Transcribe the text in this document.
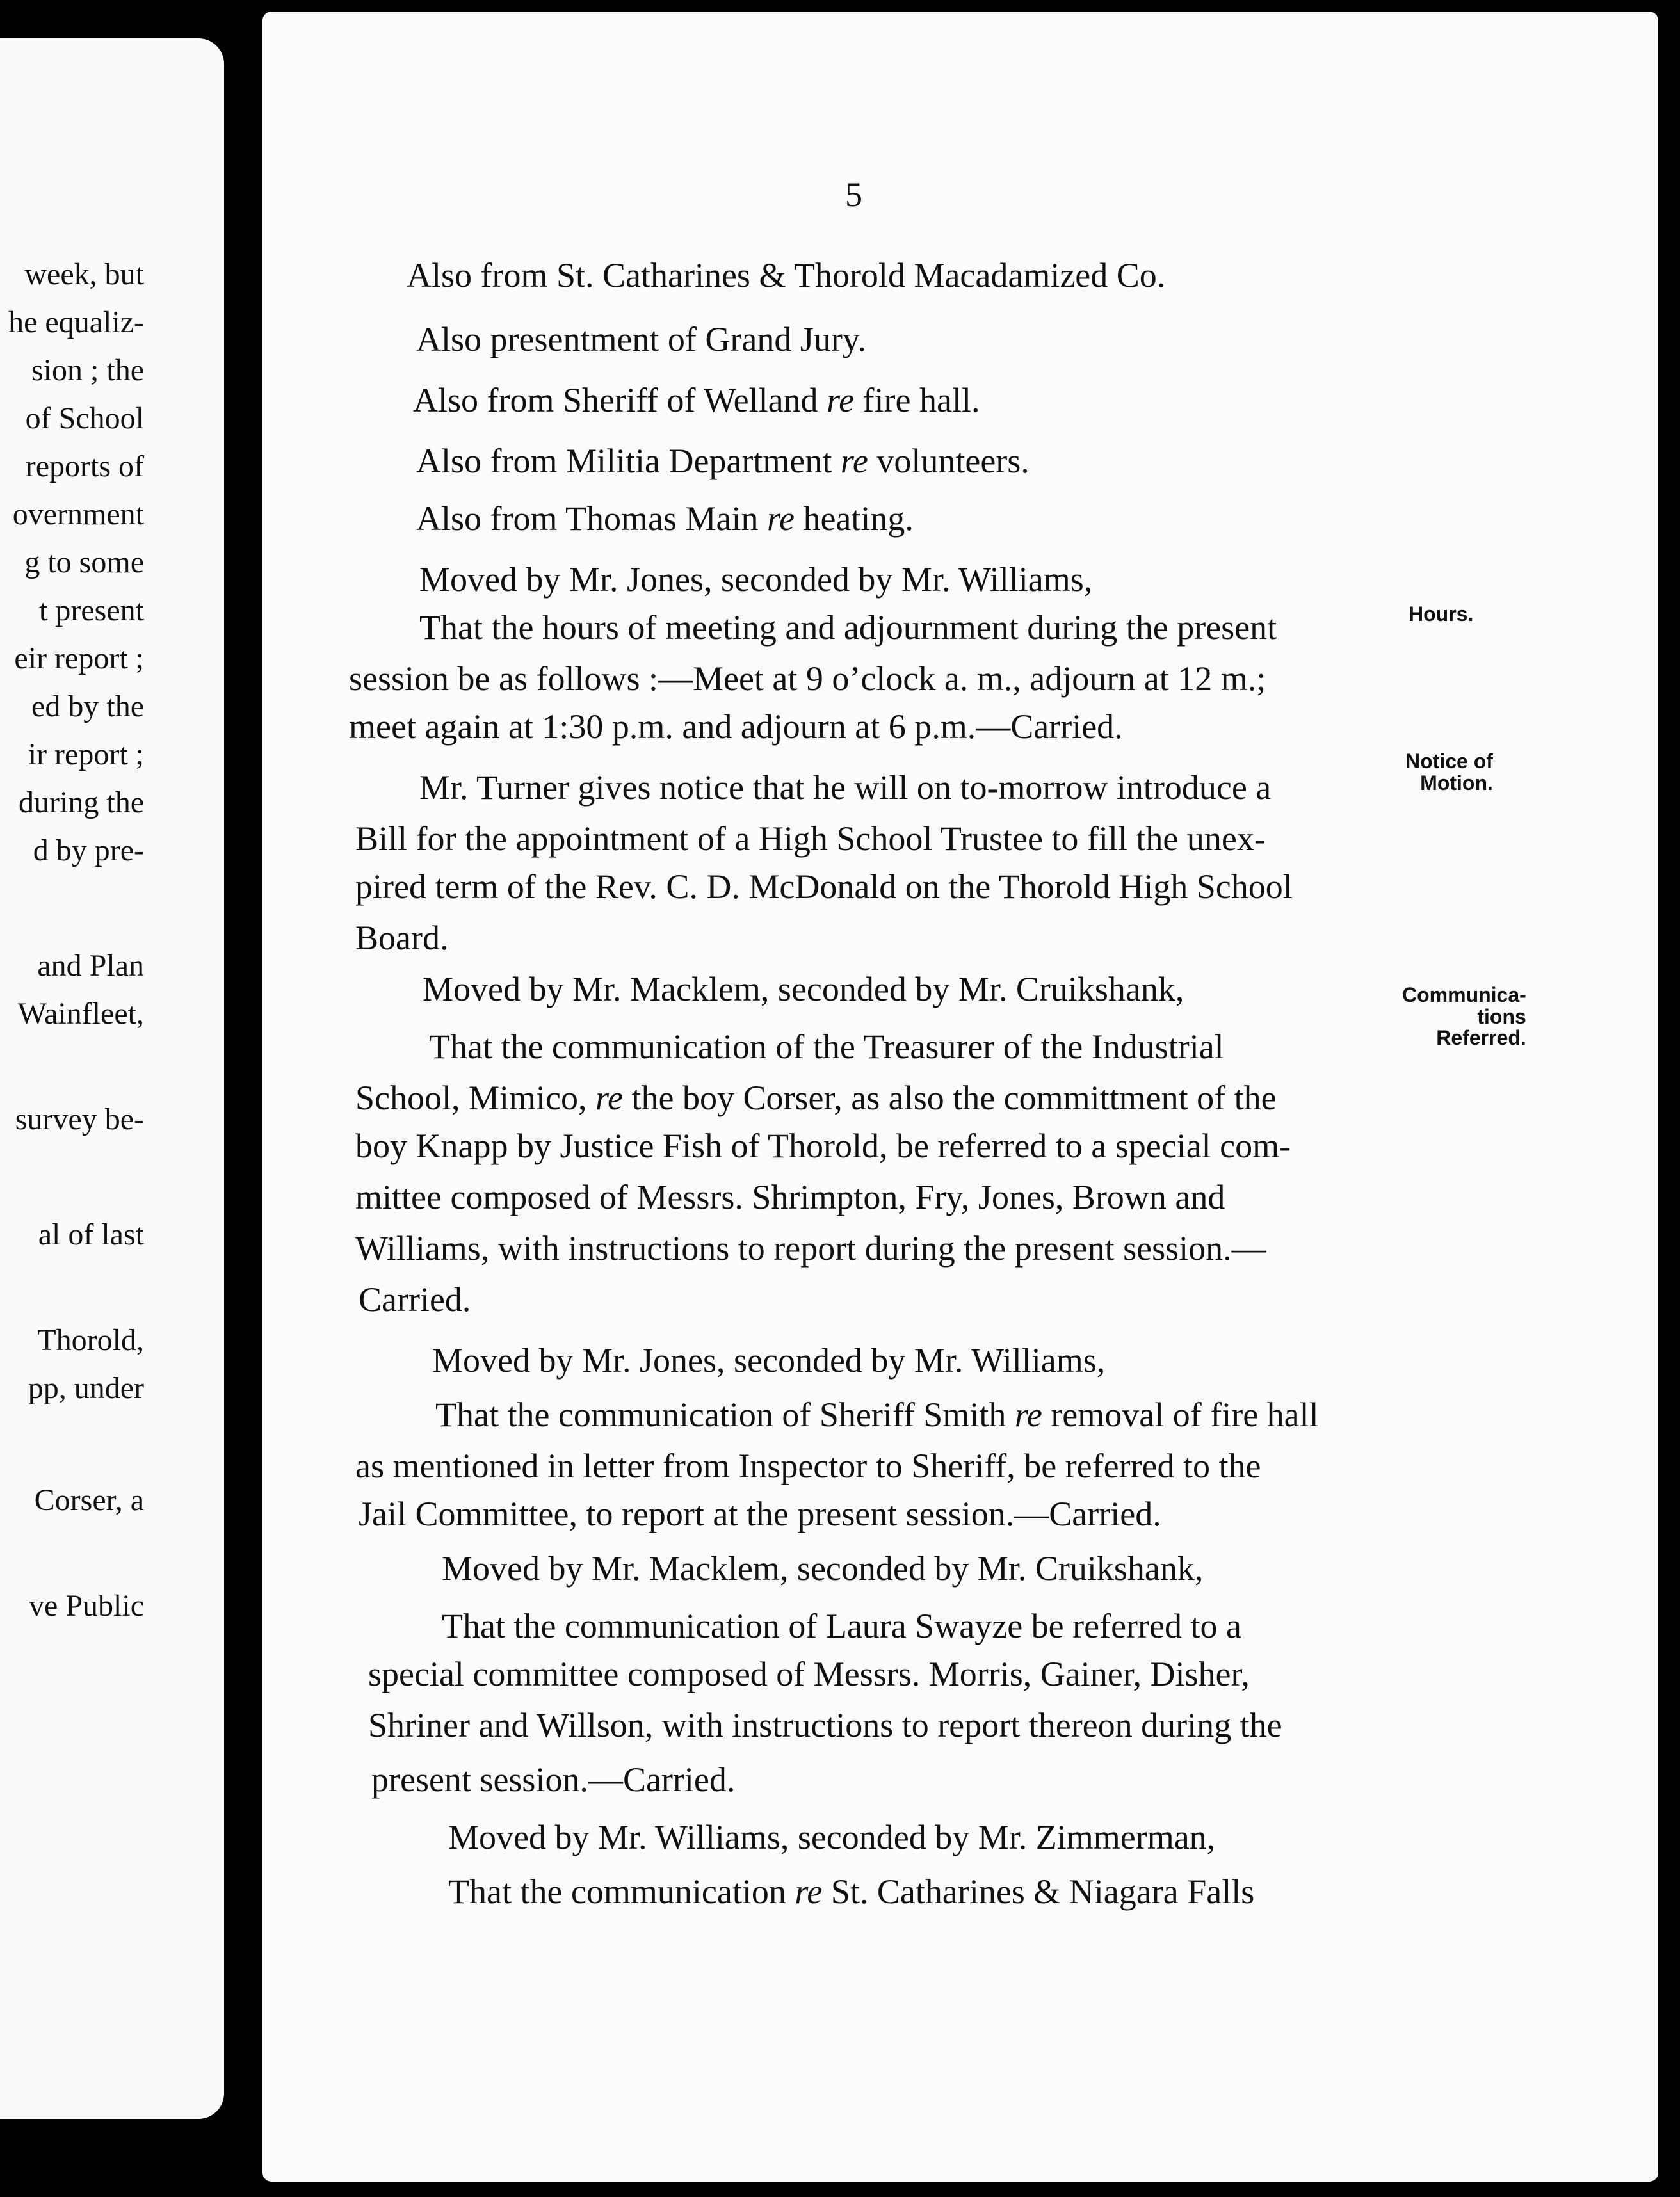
week, but
he equaliz-
sion ; the
of School
reports of
overnment
g to some
t present
eir report ;
ed by the
ir report ;
during the
d by pre-
and Plan
Wainfleet,
survey be-
al of last
Thorold,
pp, under
Corser, a
ve Public
5
Also from St. Catharines & Thorold Macadamized Co.
Also presentment of Grand Jury.
Also from Sheriff of Welland re fire hall.
Also from Militia Department re volunteers.
Also from Thomas Main re heating.
Moved by Mr. Jones, seconded by Mr. Williams,
That the hours of meeting and adjournment during the present
session be as follows :—Meet at 9 o’clock a. m., adjourn at 12 m.;
meet again at 1:30 p.m. and adjourn at 6 p.m.—Carried.
Mr. Turner gives notice that he will on to-morrow introduce a
Bill for the appointment of a High School Trustee to fill the unex-
pired term of the Rev. C. D. McDonald on the Thorold High School
Board.
Moved by Mr. Macklem, seconded by Mr. Cruikshank,
That the communication of the Treasurer of the Industrial
School, Mimico, re the boy Corser, as also the committment of the
boy Knapp by Justice Fish of Thorold, be referred to a special com-
mittee composed of Messrs. Shrimpton, Fry, Jones, Brown and
Williams, with instructions to report during the present session.—
Carried.
Moved by Mr. Jones, seconded by Mr. Williams,
That the communication of Sheriff Smith re removal of fire hall
as mentioned in letter from Inspector to Sheriff, be referred to the
Jail Committee, to report at the present session.—Carried.
Moved by Mr. Macklem, seconded by Mr. Cruikshank,
That the communication of Laura Swayze be referred to a
special committee composed of Messrs. Morris, Gainer, Disher,
Shriner and Willson, with instructions to report thereon during the
present session.—Carried.
Moved by Mr. Williams, seconded by Mr. Zimmerman,
That the communication re St. Catharines & Niagara Falls
Hours.
Notice of
Motion.
Communica-
tions
Referred.
